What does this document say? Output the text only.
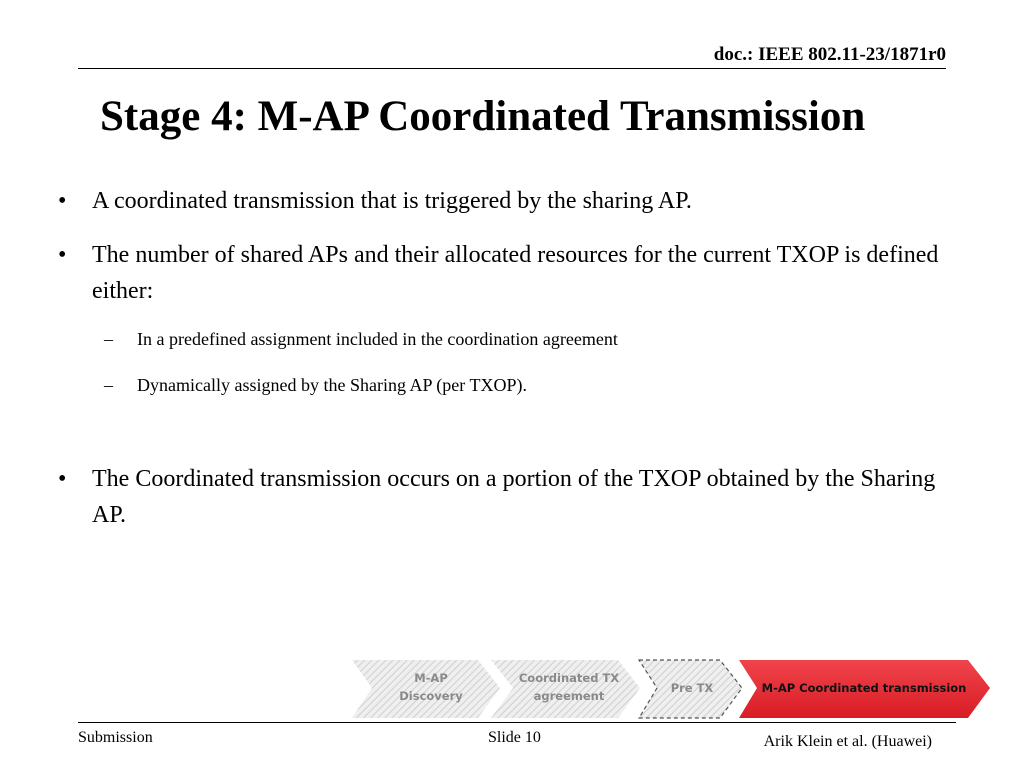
doc.: IEEE 802.11-23/1871r0
Stage 4: M-AP Coordinated Transmission
• A coordinated transmission that is triggered by the sharing AP.
• The number of shared APs and their allocated resources for the current TXOP is defined either:
– In a predefined assignment included in the coordination agreement
– Dynamically assigned by the Sharing AP (per TXOP).
• The Coordinated transmission occurs on a portion of the TXOP obtained by the Sharing AP.
M-AP
Discovery
Coordinated TX
agreement
Pre TX	M-AP Coordinated transmission
Submission	Slide 10	Arik Klein et al. (Huawei)
